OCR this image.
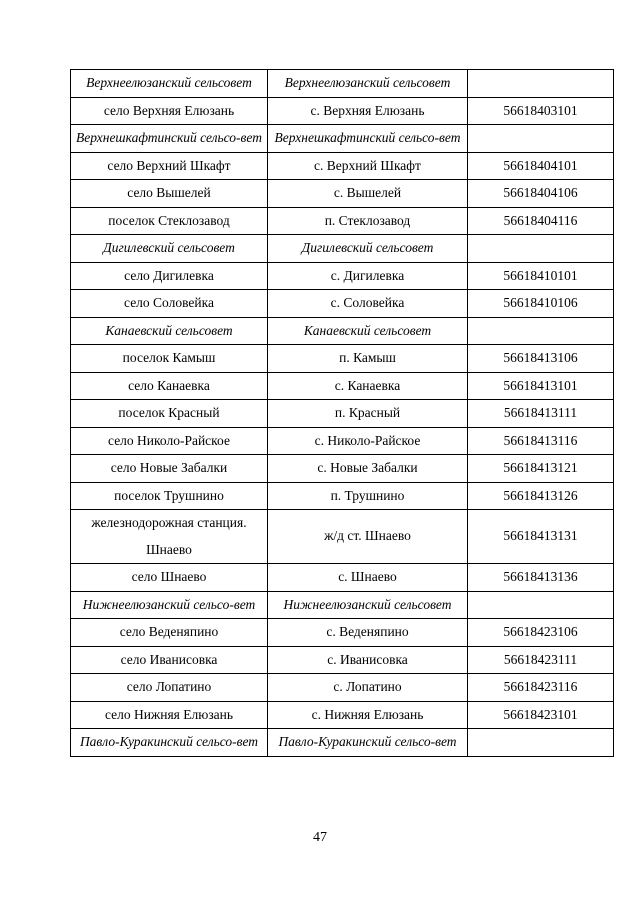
Верхнеелюзанский сельсовет	Верхнеелюзанский сельсовет	
село Верхняя Елюзань	с. Верхняя Елюзань	56618403101
Верхнешкафтинский сельсо-вет	Верхнешкафтинский сельсо-вет	
село Верхний Шкафт	с. Верхний Шкафт	56618404101
село Вышелей	с. Вышелей	56618404106
поселок Стеклозавод	п. Стеклозавод	56618404116
Дигилевский сельсовет	Дигилевский сельсовет	
село Дигилевка	с. Дигилевка	56618410101
село Соловейка	с. Соловейка	56618410106
Канаевский сельсовет	Канаевский сельсовет	
поселок Камыш	п. Камыш	56618413106
село Канаевка	с. Канаевка	56618413101
поселок Красный	п. Красный	56618413111
село Николо-Райское	с. Николо-Райское	56618413116
село Новые Забалки	с. Новые Забалки	56618413121
поселок Трушнино	п. Трушнино	56618413126
железнодорожная станция. Шнаево	ж/д ст. Шнаево	56618413131
село Шнаево	с. Шнаево	56618413136
Нижнеелюзанский сельсо-вет	Нижнеелюзанский сельсовет	
село Веденяпино	с. Веденяпино	56618423106
село Иванисовка	с. Иванисовка	56618423111
село Лопатино	с. Лопатино	56618423116
село Нижняя Елюзань	с. Нижняя Елюзань	56618423101
Павло-Куракинский сельсо-вет	Павло-Куракинский сельсо-вет	
47
